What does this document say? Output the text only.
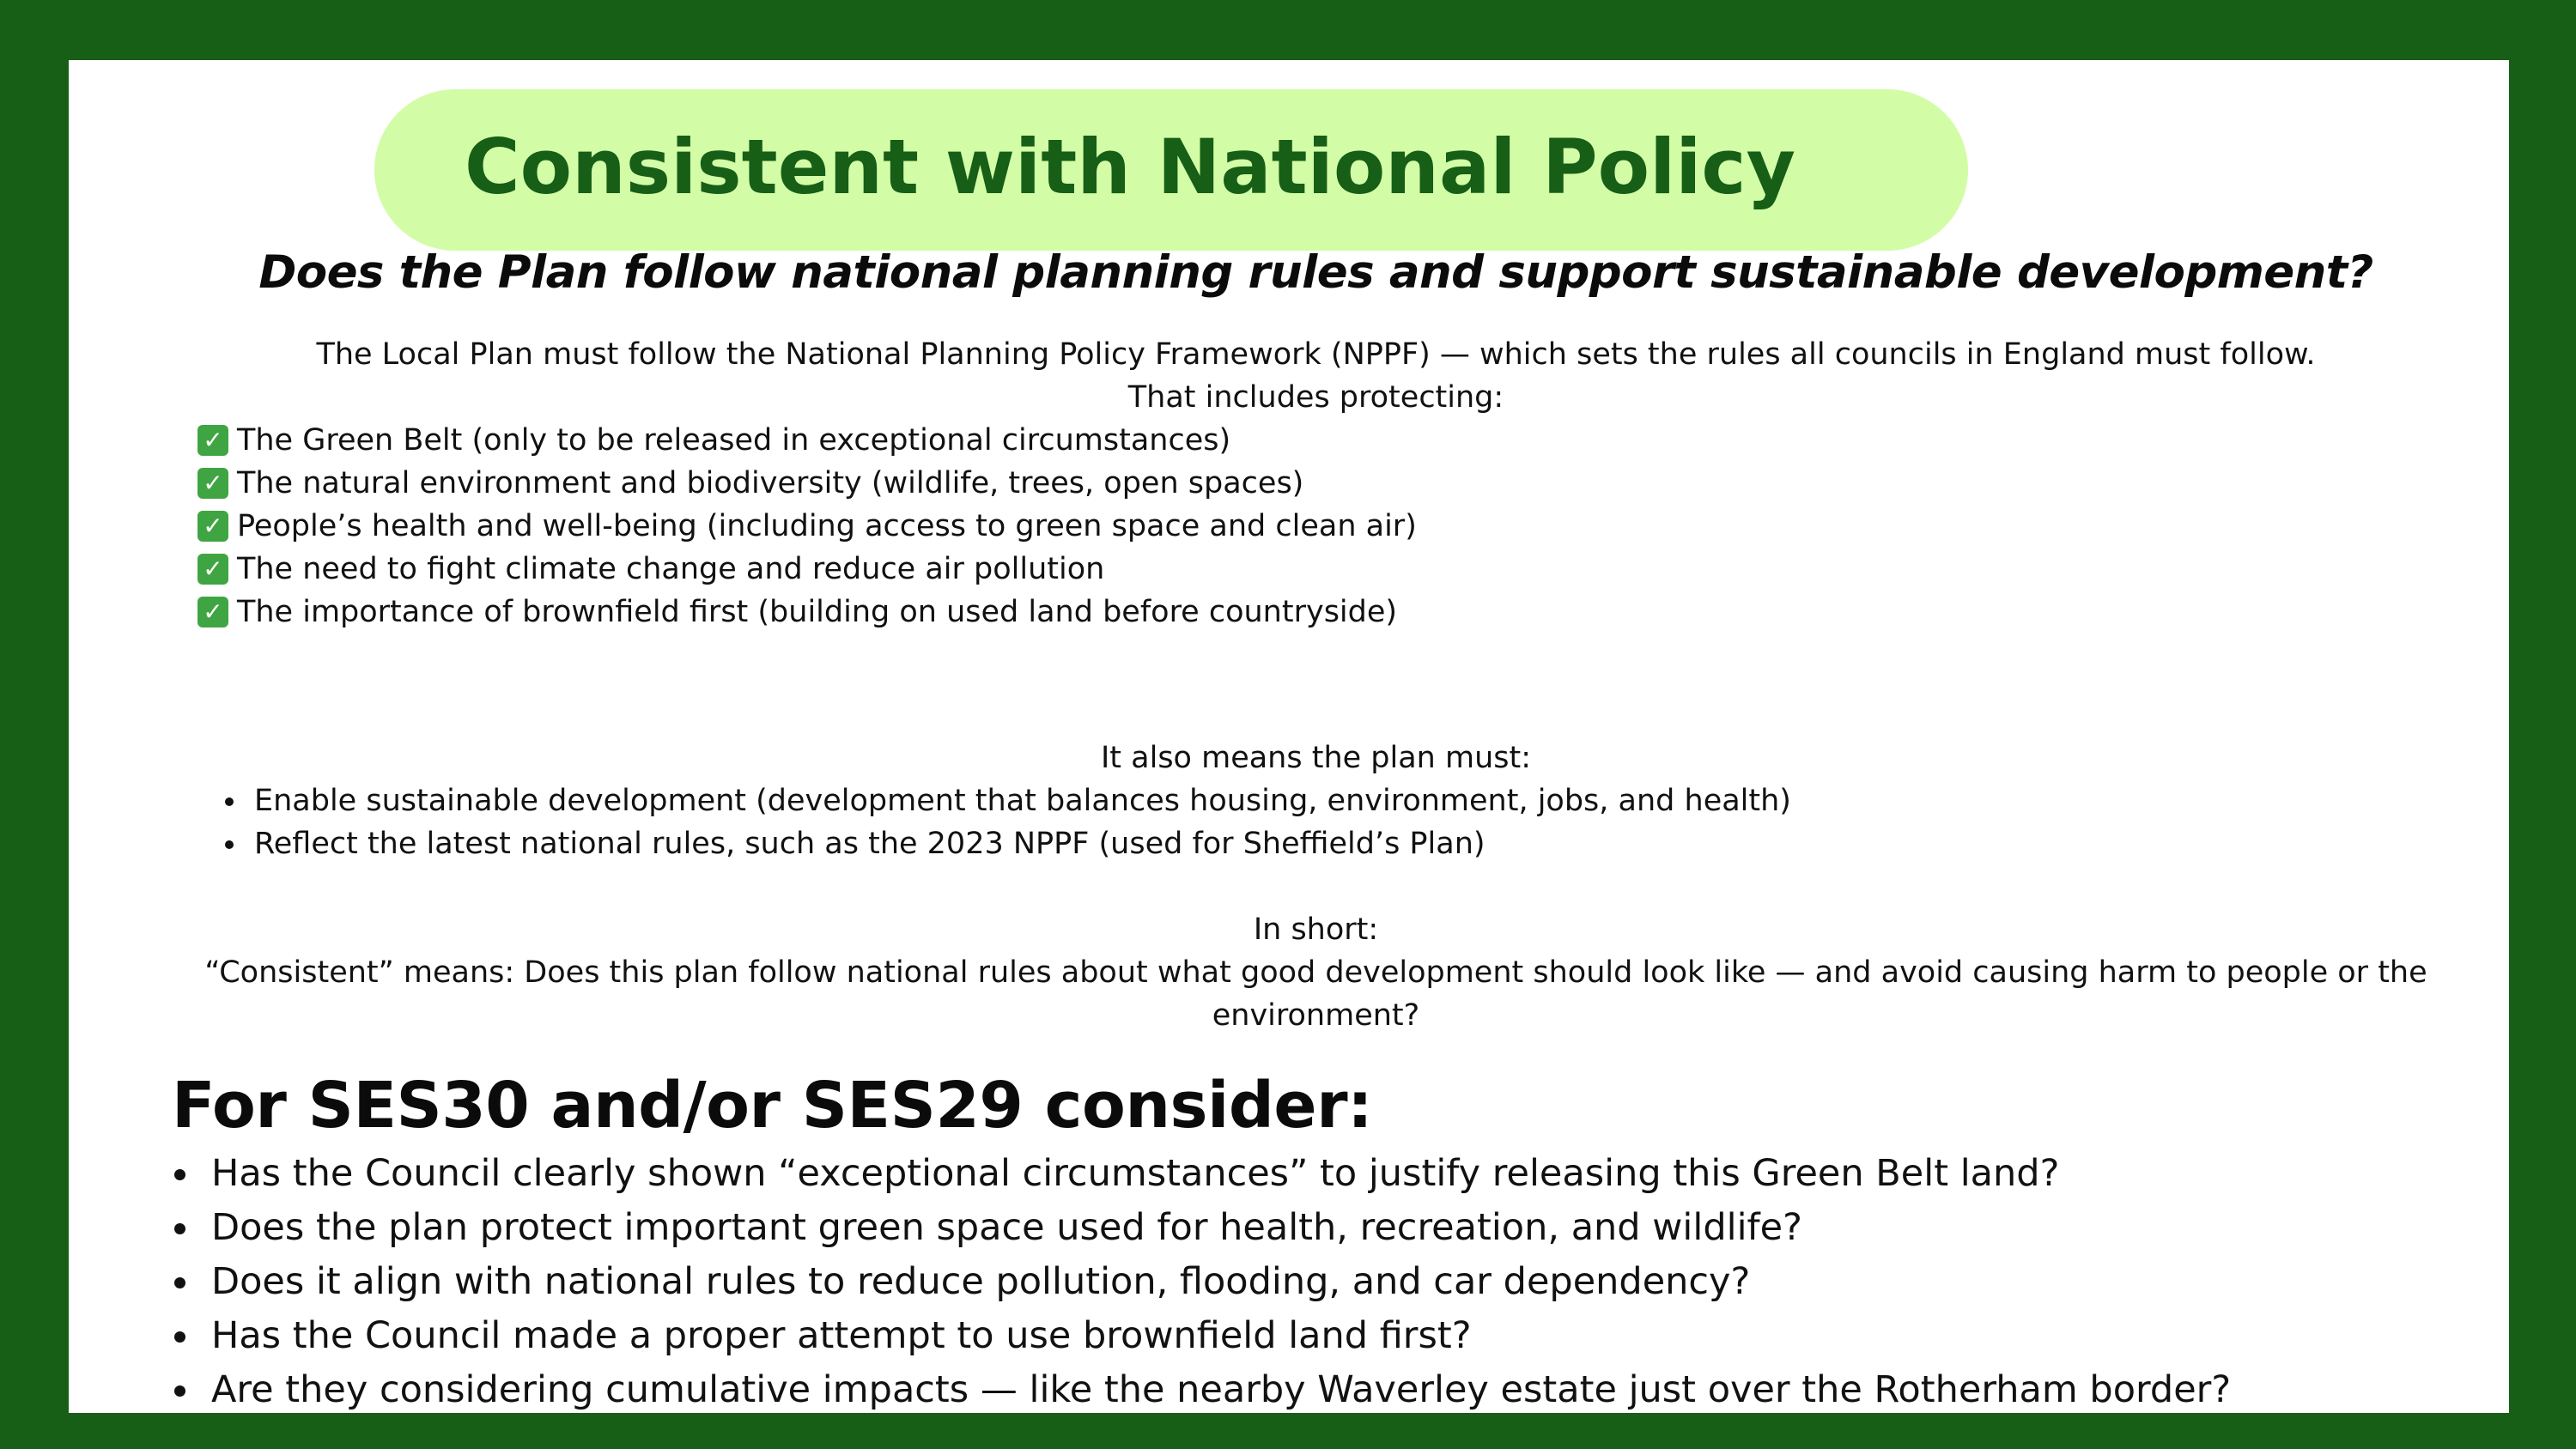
Consistent with National Policy
Does the Plan follow national planning rules and support sustainable development?
The Local Plan must follow the National Planning Policy Framework (NPPF) — which sets the rules all councils in England must follow.
That includes protecting:
✓ The Green Belt (only to be released in exceptional circumstances)
✓ The natural environment and biodiversity (wildlife, trees, open spaces)
✓ People’s health and well-being (including access to green space and clean air)
✓ The need to fight climate change and reduce air pollution
✓ The importance of brownfield first (building on used land before countryside)
It also means the plan must:
Enable sustainable development (development that balances housing, environment, jobs, and health)
Reflect the latest national rules, such as the 2023 NPPF (used for Sheffield’s Plan)
In short:
“Consistent” means: Does this plan follow national rules about what good development should look like — and avoid causing harm to people or the
environment?
For SES30 and/or SES29 consider:
Has the Council clearly shown “exceptional circumstances” to justify releasing this Green Belt land?
Does the plan protect important green space used for health, recreation, and wildlife?
Does it align with national rules to reduce pollution, flooding, and car dependency?
Has the Council made a proper attempt to use brownfield land first?
Are they considering cumulative impacts — like the nearby Waverley estate just over the Rotherham border?
